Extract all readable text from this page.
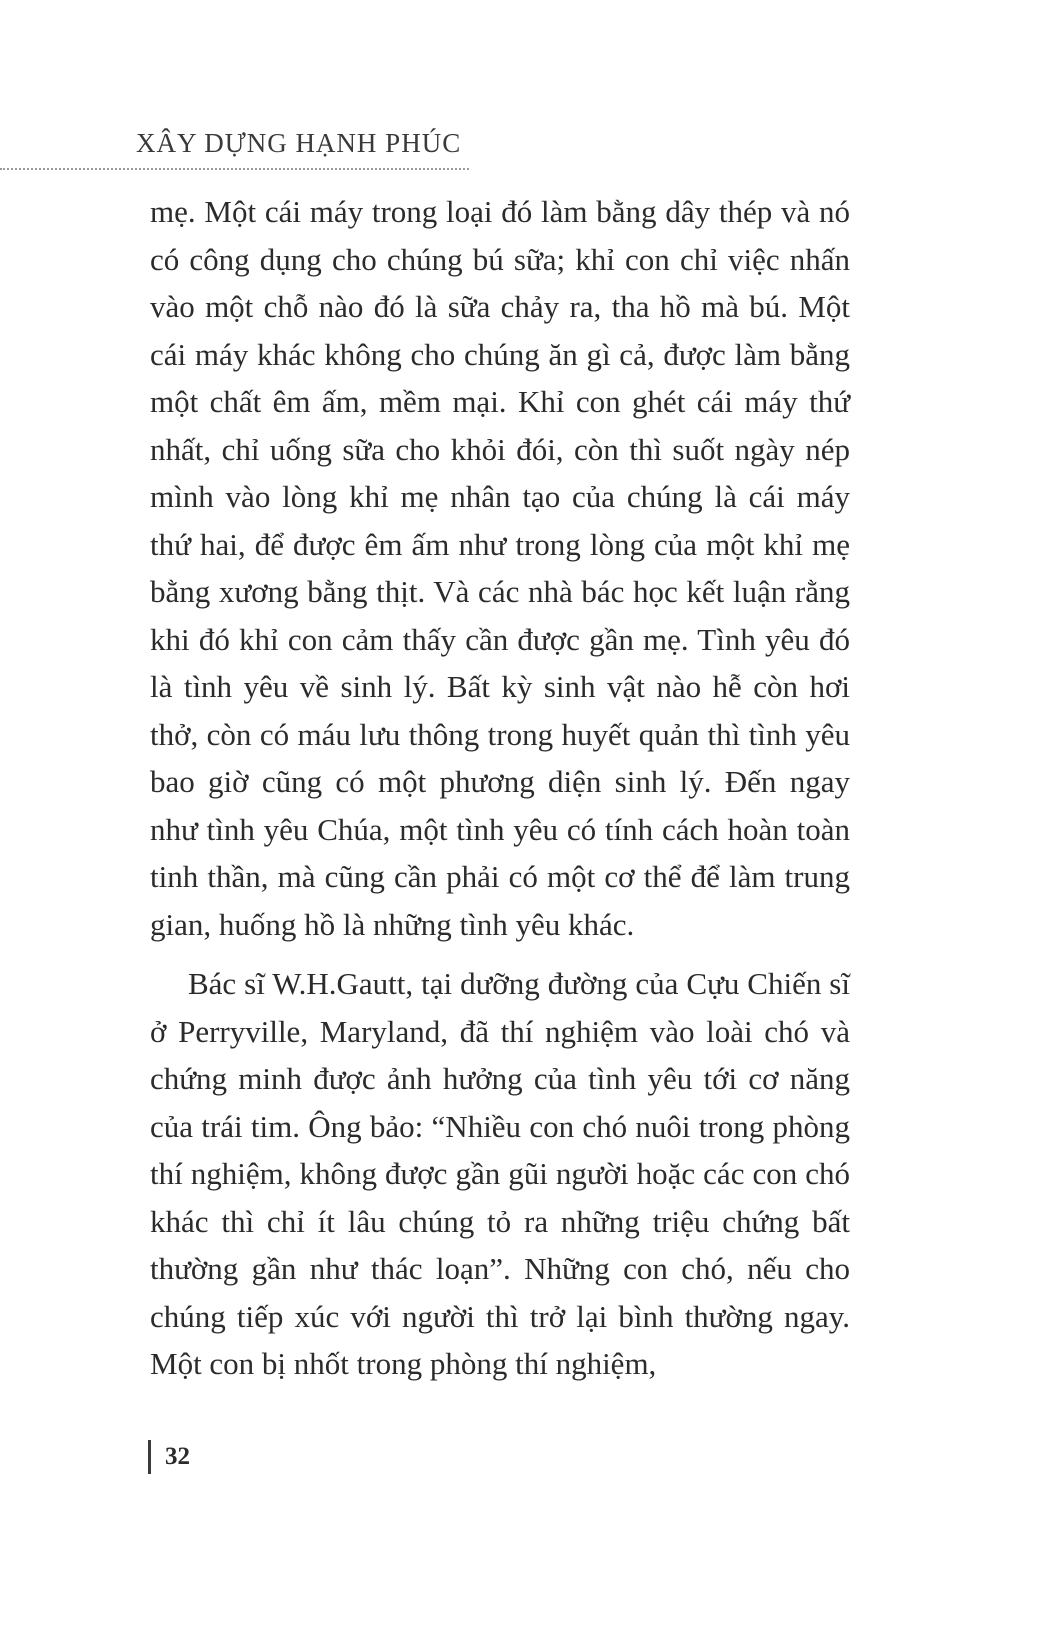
XÂY DỰNG HẠNH PHÚC

mẹ. Một cái máy trong loại đó làm bằng dây thép và nó có công dụng cho chúng bú sữa; khỉ con chỉ việc nhấn vào một chỗ nào đó là sữa chảy ra, tha hồ mà bú. Một cái máy khác không cho chúng ăn gì cả, được làm bằng một chất êm ấm, mềm mại. Khỉ con ghét cái máy thứ nhất, chỉ uống sữa cho khỏi đói, còn thì suốt ngày nép mình vào lòng khỉ mẹ nhân tạo của chúng là cái máy thứ hai, để được êm ấm như trong lòng của một khỉ mẹ bằng xương bằng thịt. Và các nhà bác học kết luận rằng khi đó khỉ con cảm thấy cần được gần mẹ. Tình yêu đó là tình yêu về sinh lý. Bất kỳ sinh vật nào hễ còn hơi thở, còn có máu lưu thông trong huyết quản thì tình yêu bao giờ cũng có một phương diện sinh lý. Đến ngay như tình yêu Chúa, một tình yêu có tính cách hoàn toàn tinh thần, mà cũng cần phải có một cơ thể để làm trung gian, huống hồ là những tình yêu khác.

Bác sĩ W.H.Gautt, tại dưỡng đường của Cựu Chiến sĩ ở Perryville, Maryland, đã thí nghiệm vào loài chó và chứng minh được ảnh hưởng của tình yêu tới cơ năng của trái tim. Ông bảo: “Nhiều con chó nuôi trong phòng thí nghiệm, không được gần gũi người hoặc các con chó khác thì chỉ ít lâu chúng tỏ ra những triệu chứng bất thường gần như thác loạn”. Những con chó, nếu cho chúng tiếp xúc với người thì trở lại bình thường ngay. Một con bị nhốt trong phòng thí nghiệm,

32
